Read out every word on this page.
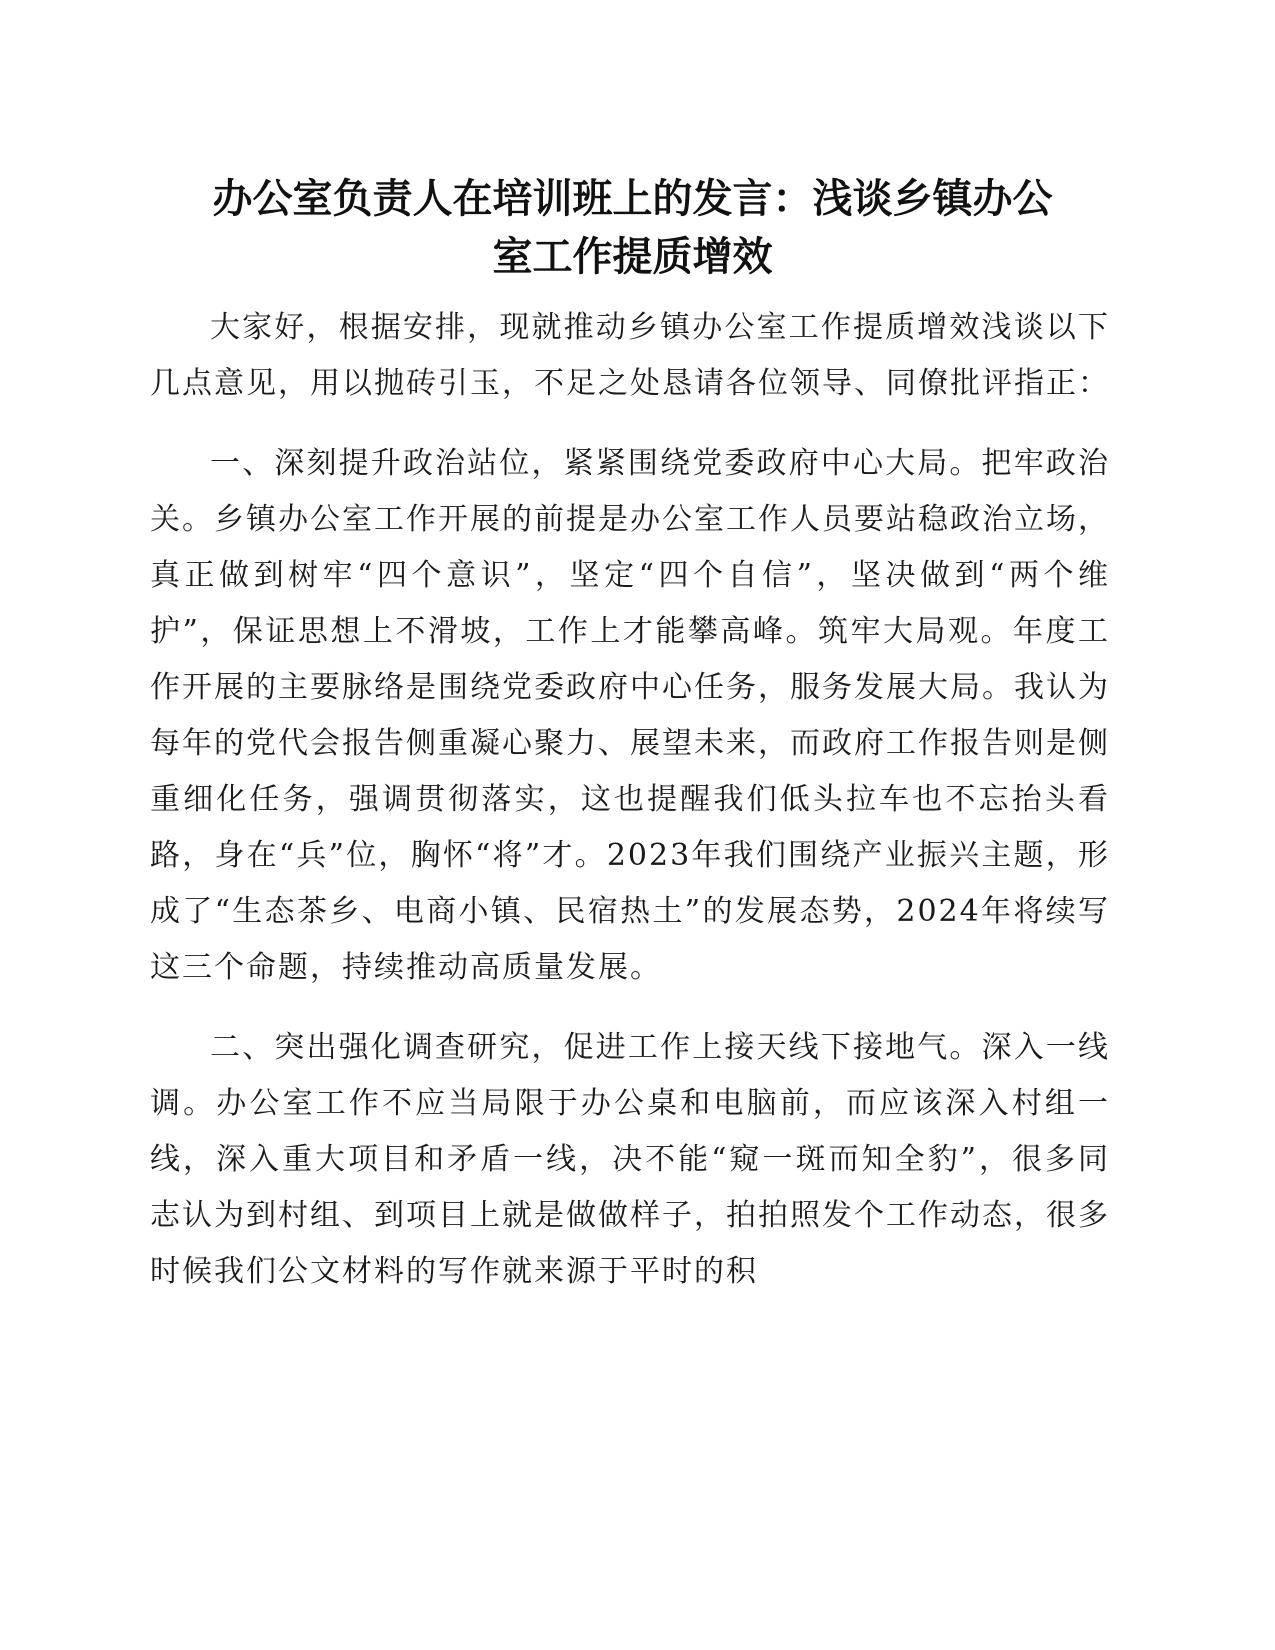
办公室负责人在培训班上的发言：浅谈乡镇办公
室工作提质增效

大家好，根据安排，现就推动乡镇办公室工作提质增效浅谈以下几点意见，用以抛砖引玉，不足之处恳请各位领导、同僚批评指正：

一、深刻提升政治站位，紧紧围绕党委政府中心大局。把牢政治关。乡镇办公室工作开展的前提是办公室工作人员要站稳政治立场，真正做到树牢“四个意识”，坚定“四个自信”，坚决做到“两个维护”，保证思想上不滑坡，工作上才能攀高峰。筑牢大局观。年度工作开展的主要脉络是围绕党委政府中心任务，服务发展大局。我认为每年的党代会报告侧重凝心聚力、展望未来，而政府工作报告则是侧重细化任务，强调贯彻落实，这也提醒我们低头拉车也不忘抬头看路，身在“兵”位，胸怀“将”才。2023年我们围绕产业振兴主题，形成了“生态茶乡、电商小镇、民宿热土”的发展态势，2024年将续写这三个命题，持续推动高质量发展。

二、突出强化调查研究，促进工作上接天线下接地气。深入一线调。办公室工作不应当局限于办公桌和电脑前，而应该深入村组一线，深入重大项目和矛盾一线，决不能“窥一斑而知全豹”，很多同志认为到村组、到项目上就是做做样子，拍拍照发个工作动态，很多时候我们公文材料的写作就来源于平时的积
